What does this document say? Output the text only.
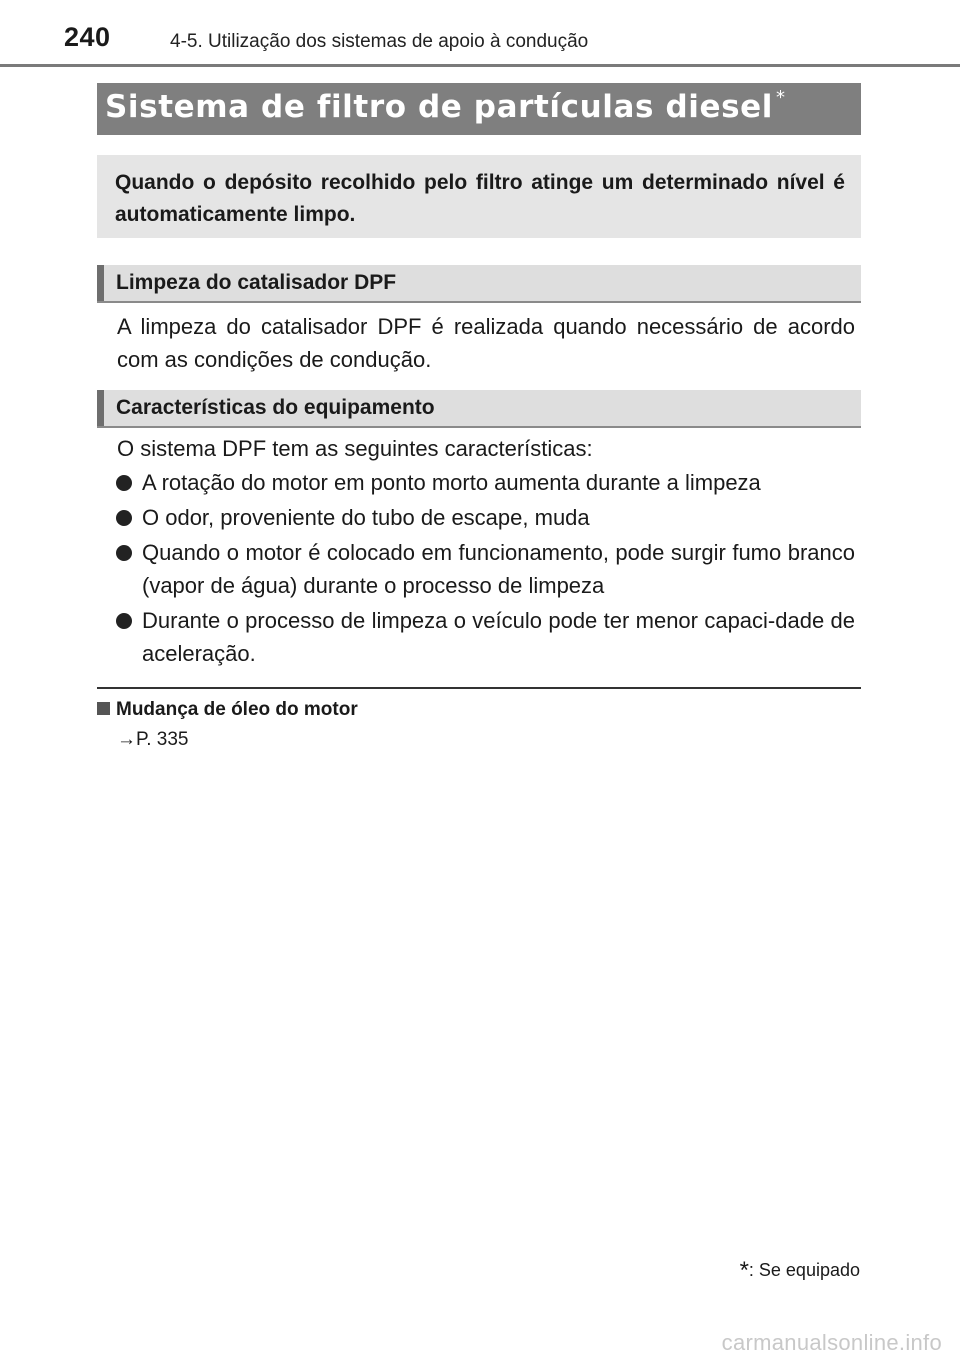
240	4-5. Utilização dos sistemas de apoio à condução
Sistema de filtro de partículas diesel *
Quando o depósito recolhido pelo filtro atinge um determinado nível é automaticamente limpo.
Limpeza do catalisador DPF
A limpeza do catalisador DPF é realizada quando necessário de acordo com as condições de condução.
Características do equipamento
O sistema DPF tem as seguintes características:
A rotação do motor em ponto morto aumenta durante a limpeza
O odor, proveniente do tubo de escape, muda
Quando o motor é colocado em funcionamento, pode surgir fumo branco (vapor de água) durante o processo de limpeza
Durante o processo de limpeza o veículo pode ter menor capaci-dade de aceleração.
Mudança de óleo do motor
→P. 335
*: Se equipado
carmanualsonline.info
